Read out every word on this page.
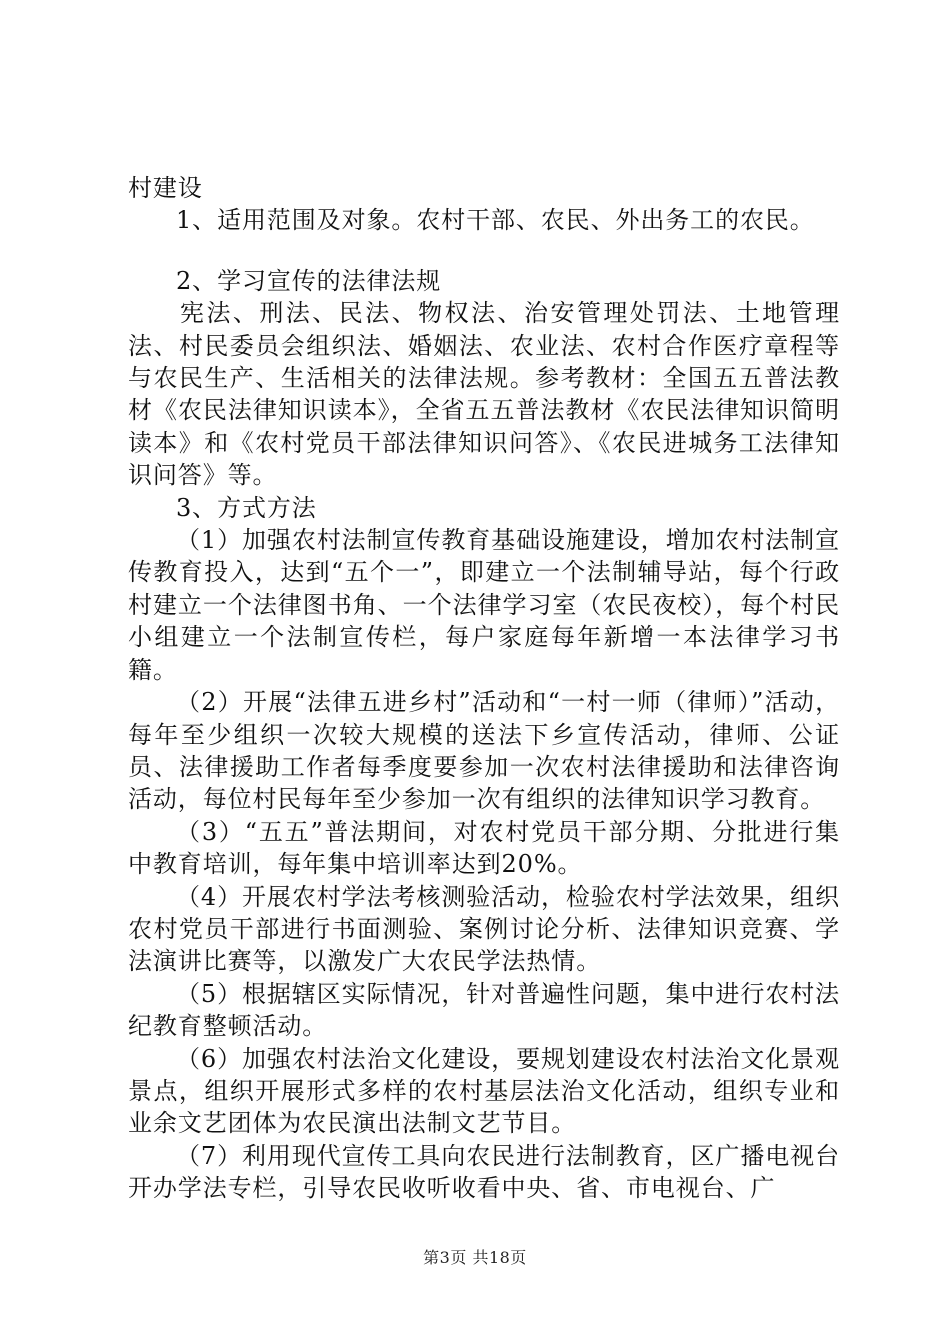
村建设

1、适用范围及对象。农村干部、农民、外出务工的农民。

2、学习宣传的法律法规

宪法、刑法、民法、物权法、治安管理处罚法、土地管理法、村民委员会组织法、婚姻法、农业法、农村合作医疗章程等与农民生产、生活相关的法律法规。参考教材：全国五五普法教材《农民法律知识读本》，全省五五普法教材《农民法律知识简明读本》和《农村党员干部法律知识问答》、《农民进城务工法律知识问答》等。

3、方式方法

（1）加强农村法制宣传教育基础设施建设，增加农村法制宣传教育投入，达到“五个一”，即建立一个法制辅导站，每个行政村建立一个法律图书角、一个法律学习室（农民夜校），每个村民小组建立一个法制宣传栏，每户家庭每年新增一本法律学习书籍。

（2）开展“法律五进乡村”活动和“一村一师（律师）”活动，每年至少组织一次较大规模的送法下乡宣传活动，律师、公证员、法律援助工作者每季度要参加一次农村法律援助和法律咨询活动，每位村民每年至少参加一次有组织的法律知识学习教育。

（3）“五五”普法期间，对农村党员干部分期、分批进行集中教育培训，每年集中培训率达到20%。

（4）开展农村学法考核测验活动，检验农村学法效果，组织农村党员干部进行书面测验、案例讨论分析、法律知识竞赛、学法演讲比赛等，以激发广大农民学法热情。

（5）根据辖区实际情况，针对普遍性问题，集中进行农村法纪教育整顿活动。

（6）加强农村法治文化建设，要规划建设农村法治文化景观景点，组织开展形式多样的农村基层法治文化活动，组织专业和业余文艺团体为农民演出法制文艺节目。

（7）利用现代宣传工具向农民进行法制教育，区广播电视台开办学法专栏，引导农民收听收看中央、省、市电视台、广

第3页 共18页
